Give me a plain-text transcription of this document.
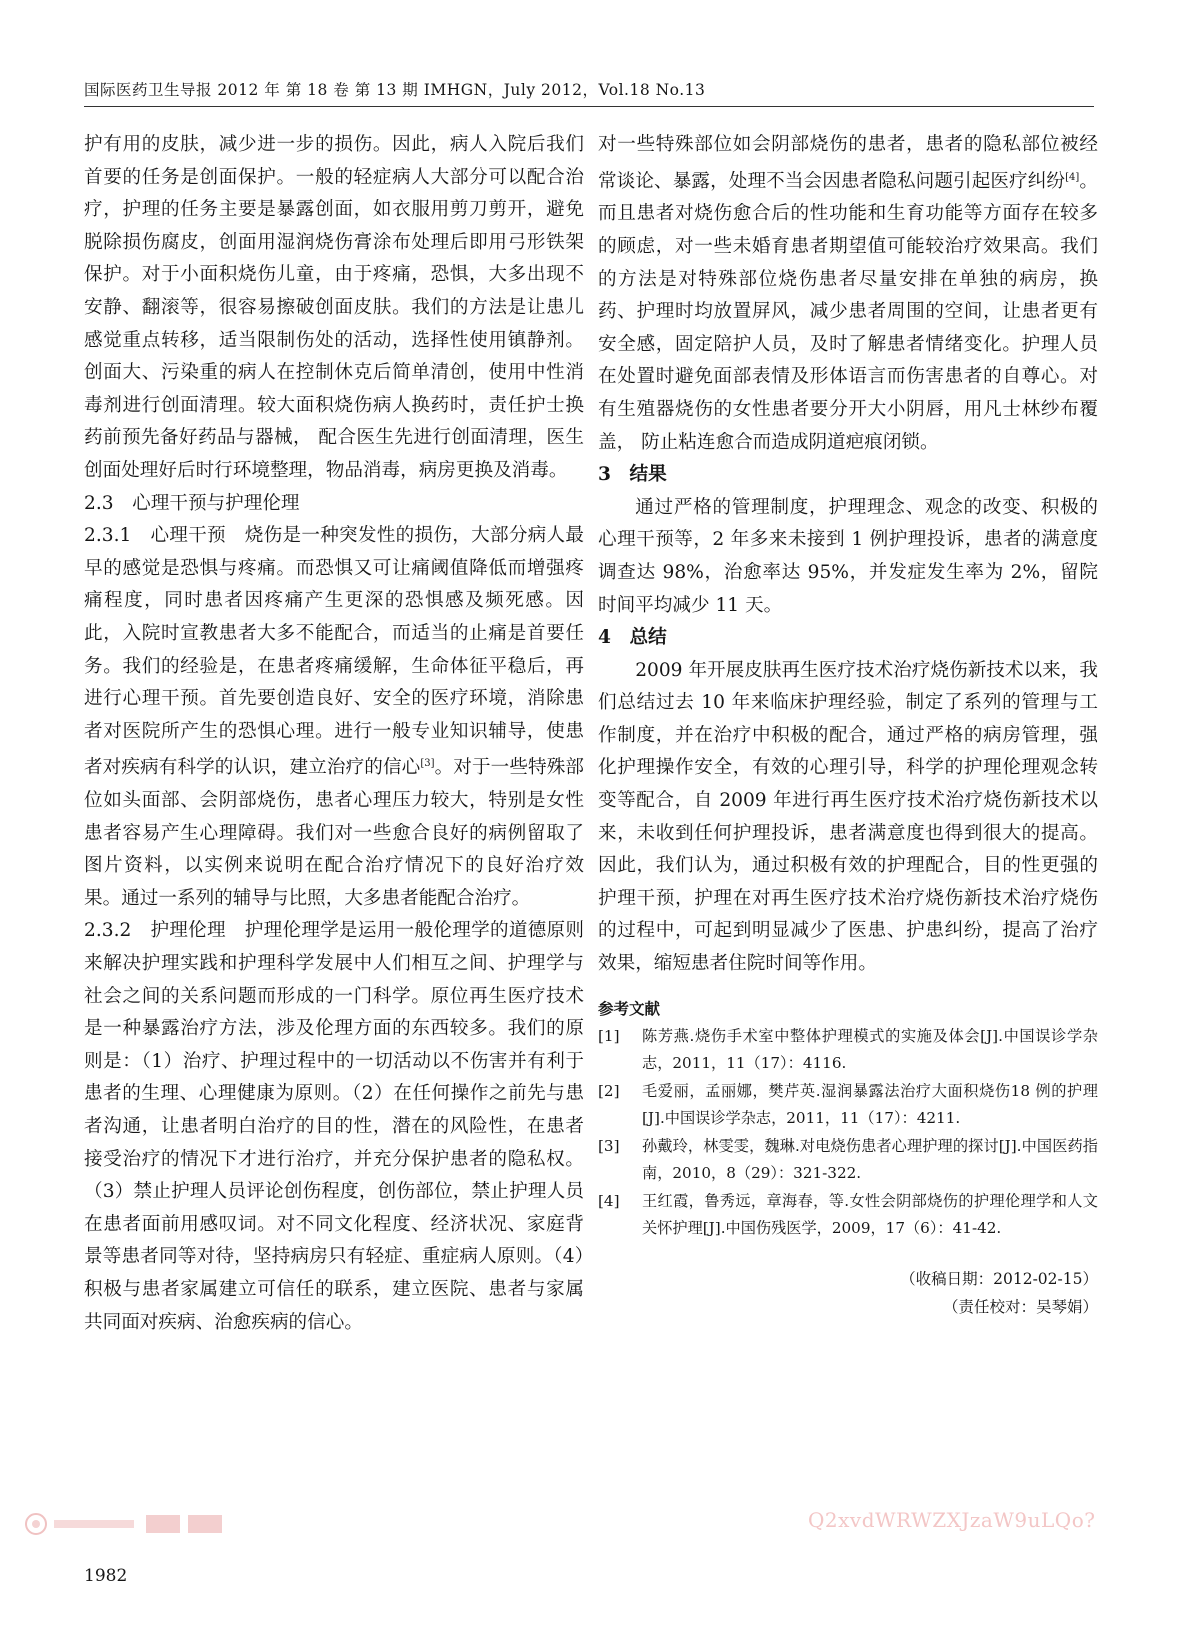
国际医药卫生导报 2012 年 第 18 卷 第 13 期 IMHGN，July 2012，Vol.18 No.13

护有用的皮肤，减少进一步的损伤。因此，病人入院后我们首要的任务是创面保护。一般的轻症病人大部分可以配合治疗，护理的任务主要是暴露创面，如衣服用剪刀剪开，避免脱除损伤腐皮，创面用湿润烧伤膏涂布处理后即用弓形铁架保护。对于小面积烧伤儿童，由于疼痛，恐惧，大多出现不安静、翻滚等，很容易擦破创面皮肤。我们的方法是让患儿感觉重点转移，适当限制伤处的活动，选择性使用镇静剂。创面大、污染重的病人在控制休克后简单清创，使用中性消毒剂进行创面清理。较大面积烧伤病人换药时，责任护士换药前预先备好药品与器械， 配合医生先进行创面清理，医生创面处理好后时行环境整理，物品消毒，病房更换及消毒。

2.3　心理干预与护理伦理

2.3.1　心理干预　烧伤是一种突发性的损伤，大部分病人最早的感觉是恐惧与疼痛。而恐惧又可让痛阈值降低而增强疼痛程度，同时患者因疼痛产生更深的恐惧感及频死感。因此，入院时宣教患者大多不能配合，而适当的止痛是首要任务。我们的经验是，在患者疼痛缓解，生命体征平稳后，再进行心理干预。首先要创造良好、安全的医疗环境，消除患者对医院所产生的恐惧心理。进行一般专业知识辅导，使患者对疾病有科学的认识，建立治疗的信心[3]。对于一些特殊部位如头面部、会阴部烧伤，患者心理压力较大，特别是女性患者容易产生心理障碍。我们对一些愈合良好的病例留取了图片资料，以实例来说明在配合治疗情况下的良好治疗效果。通过一系列的辅导与比照，大多患者能配合治疗。

2.3.2　护理伦理　护理伦理学是运用一般伦理学的道德原则来解决护理实践和护理科学发展中人们相互之间、护理学与社会之间的关系问题而形成的一门科学。原位再生医疗技术是一种暴露治疗方法，涉及伦理方面的东西较多。我们的原则是：（1）治疗、护理过程中的一切活动以不伤害并有利于患者的生理、心理健康为原则。（2）在任何操作之前先与患者沟通，让患者明白治疗的目的性，潜在的风险性，在患者接受治疗的情况下才进行治疗，并充分保护患者的隐私权。（3）禁止护理人员评论创伤程度，创伤部位，禁止护理人员在患者面前用感叹词。对不同文化程度、经济状况、家庭背景等患者同等对待，坚持病房只有轻症、重症病人原则。（4）积极与患者家属建立可信任的联系，建立医院、患者与家属共同面对疾病、治愈疾病的信心。

对一些特殊部位如会阴部烧伤的患者，患者的隐私部位被经常谈论、暴露，处理不当会因患者隐私问题引起医疗纠纷[4]。而且患者对烧伤愈合后的性功能和生育功能等方面存在较多的顾虑，对一些未婚育患者期望值可能较治疗效果高。我们的方法是对特殊部位烧伤患者尽量安排在单独的病房，换药、护理时均放置屏风，减少患者周围的空间，让患者更有安全感，固定陪护人员，及时了解患者情绪变化。护理人员在处置时避免面部表情及形体语言而伤害患者的自尊心。对有生殖器烧伤的女性患者要分开大小阴唇，用凡士林纱布覆盖， 防止粘连愈合而造成阴道疤痕闭锁。

3　结果

通过严格的管理制度，护理理念、观念的改变、积极的心理干预等，2 年多来未接到 1 例护理投诉，患者的满意度调查达 98%，治愈率达 95%，并发症发生率为 2%，留院时间平均减少 11 天。

4　总结

2009 年开展皮肤再生医疗技术治疗烧伤新技术以来，我们总结过去 10 年来临床护理经验，制定了系列的管理与工作制度，并在治疗中积极的配合，通过严格的病房管理，强化护理操作安全，有效的心理引导，科学的护理伦理观念转变等配合，自 2009 年进行再生医疗技术治疗烧伤新技术以来，未收到任何护理投诉，患者满意度也得到很大的提高。因此，我们认为，通过积极有效的护理配合，目的性更强的护理干预，护理在对再生医疗技术治疗烧伤新技术治疗烧伤的过程中，可起到明显减少了医患、护患纠纷，提高了治疗效果，缩短患者住院时间等作用。

参考文献

[1] 陈芳燕.烧伤手术室中整体护理模式的实施及体会[J].中国误诊学杂志，2011，11（17）：4116.

[2] 毛爱丽，孟丽娜，樊芹英.湿润暴露法治疗大面积烧伤18 例的护理[J].中国误诊学杂志，2011，11（17）：4211.

[3] 孙戴玲，林雯雯，魏琳.对电烧伤患者心理护理的探讨[J].中国医药指南，2010，8（29）：321-322.

[4] 王红霞，鲁秀远，章海春，等.女性会阴部烧伤的护理伦理学和人文关怀护理[J].中国伤残医学，2009，17（6）：41-42.

（收稿日期：2012-02-15）

（责任校对：吴琴娟）

Q2xvdWRWZXJzaW9uLQo?
1982
